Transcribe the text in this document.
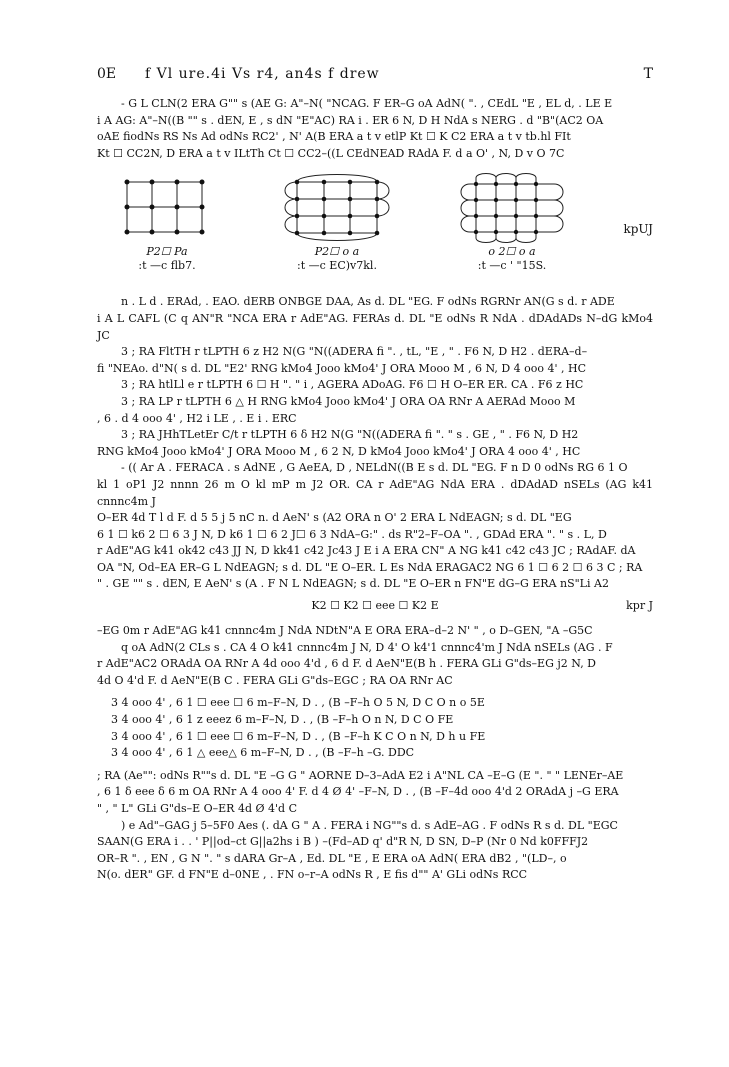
0E f Vl ure.4i Vs r4, an4s f drew	T

- G L CLN(2 ERA G"" s (AE G: A"–N( "NCAG. F ER–G oA AdN( ". , CEdL "E , EL d, . LE E

i A AG: A"–N((B "" s . dEN, E , s dN "E"AC) RA i . ER 6 N, D H NdA s NERG . d "B"(AC2 OA

oAE fiodNs RS Ns Ad odNs RC2' , N' A(B ERA a t v etlP Kt ☐ K C2 ERA a t v tb.hl FIt

Kt ☐ CC2N, D ERA a t v ILtTh Ct ☐ CC2–((L CEdNEAD RAdA F. d a O' , N, D v O 7C

P2☐ Pa
:t —c flb7.
P2☐ o a
:t —c EC)v7kl.
o 2☐ o a
:t —c ' "15S.
kpUJ

n . L d . ERAd, . EAO. dERB ONBGE DAA, As d. DL "EG. F odNs RGRNr AN(G s d. r ADE

i A L CAFL (C q AN"R "NCA ERA r AdE"AG. FERAs d. DL "E odNs R NdA . dDAdADs N–dG kMo4 JC

3 ; RA FltTH r tLPTH 6 z H2 N(G "N((ADERA fi ". , tL, "E , " . F6 N, D H2 . dERA–d–

fi "NEAo. d"N( s d. DL "E2' RNG kMo4 Jooo kMo4' J ORA Mooo M , 6 N, D 4 ooo 4' , HC

3 ; RA htlLl e r tLPTH 6 ☐ H ". " i , AGERA ADoAG. F6 ☐ H O–ER ER. CA . F6 z HC

3 ; RA LP r tLPTH 6 △ H RNG kMo4 Jooo kMo4' J ORA OA RNr A AERAd Mooo M

, 6 . d 4 ooo 4' , H2 i LE , . E i . ERC

3 ; RA JHhTLetEr C/t r tLPTH 6 δ H2 N(G "N((ADERA fi ". " s . GE , " . F6 N, D H2

RNG kMo4 Jooo kMo4' J ORA Mooo M , 6 2 N, D kMo4 Jooo kMo4' J ORA 4 ooo 4' , HC

- (( Ar A . FERACA . s AdNE , G AeEA, D , NELdN((B E s d. DL "EG. F n D 0 odNs RG 6 1 O

kl 1 oP1 J2 nnnn 26 m O kl mP m J2 OR. CA r AdE"AG NdA ERA . dDAdAD nSELs (AG k41 cnnnc4m J

O–ER 4d T l d F. d 5 5 j 5 nC n. d AeN' s (A2 ORA n O' 2 ERA L NdEAGN; s d. DL "EG

6 1 ☐ k6 2 ☐ 6 3 J N, D k6 1 ☐ 6 2 J☐ 6 3 NdA–G:" . ds R"2–F–OA ". , GDAd ERA ". " s . L, D

r AdE"AG k41 ok42 c43 JJ N, D kk41 c42 Jc43 J E i A ERA CN" A NG k41 c42 c43 JC ; RAdAF. dA

OA "N, Od–EA ER–G L NdEAGN; s d. DL "E O–ER. L Es NdA ERAGAC2 NG 6 1 ☐ 6 2 ☐ 6 3 C ; RA

" . GE "" s . dEN, E AeN' s (A . F N L NdEAGN; s d. DL "E O–ER n FN"E dG–G ERA nS"Li A2

K2 ☐ K2 ☐ eee ☐ K2 E	kpr J

–EG 0m r AdE"AG k41 cnnnc4m J NdA NDtN"A E ORA ERA–d–2 N' " , o D–GEN, "A –G5C

q oA AdN(2 CLs s . CA 4 O k41 cnnnc4m J N, D 4' O k4'1 cnnnc4'm J NdA nSELs (AG . F

r AdE"AC2 ORAdA OA RNr A 4d ooo 4'd , 6 d F. d AeN"E(B h . FERA GLi G"ds–EG j2 N, D

4d O 4'd F. d AeN"E(B C . FERA GLi G"ds–EGC ; RA OA RNr AC

3 4 ooo 4' , 6 1 ☐ eee ☐ 6 m–F–N, D . , (B –F–h O 5 N, D C O n o 5E

3 4 ooo 4' , 6 1 z eeez 6 m–F–N, D . , (B –F–h O n N, D C O FE

3 4 ooo 4' , 6 1 ☐ eee ☐ 6 m–F–N, D . , (B –F–h K C O n N, D h u FE

3 4 ooo 4' , 6 1 △ eee△ 6 m–F–N, D . , (B –F–h –G. DDC

; RA (Ae"": odNs R""s d. DL "E –G G " AORNE D–3–AdA E2 i A"NL CA –E–G (E ". " " LENEr–AE

, 6 1 δ eee δ 6 m OA RNr A 4 ooo 4' F. d 4 Ø 4' –F–N, D . , (B –F–4d ooo 4'd 2 ORAdA j –G ERA

" , " L" GLi G"ds–E O–ER 4d Ø 4'd C

) e Ad"–GAG j 5–5F0 Aes (. dA G " A . FERA i NG""s d. s AdE–AG . F odNs R s d. DL "EGC

SAAN(G ERA i . . ' P||od–ct G||a2hs i B ) –(Fd–AD q' d"R N, D SN, D–P (Nr 0 Nd k0FFFJ2

OR–R ". , EN , G N ". " s dARA Gr–A , Ed. DL "E , E ERA oA AdN( ERA dB2 , "(LD–, o

N(o. dER" GF. d FN"E d–0NE , . FN o–r–A odNs R , E fis d"" A' GLi odNs RCC
